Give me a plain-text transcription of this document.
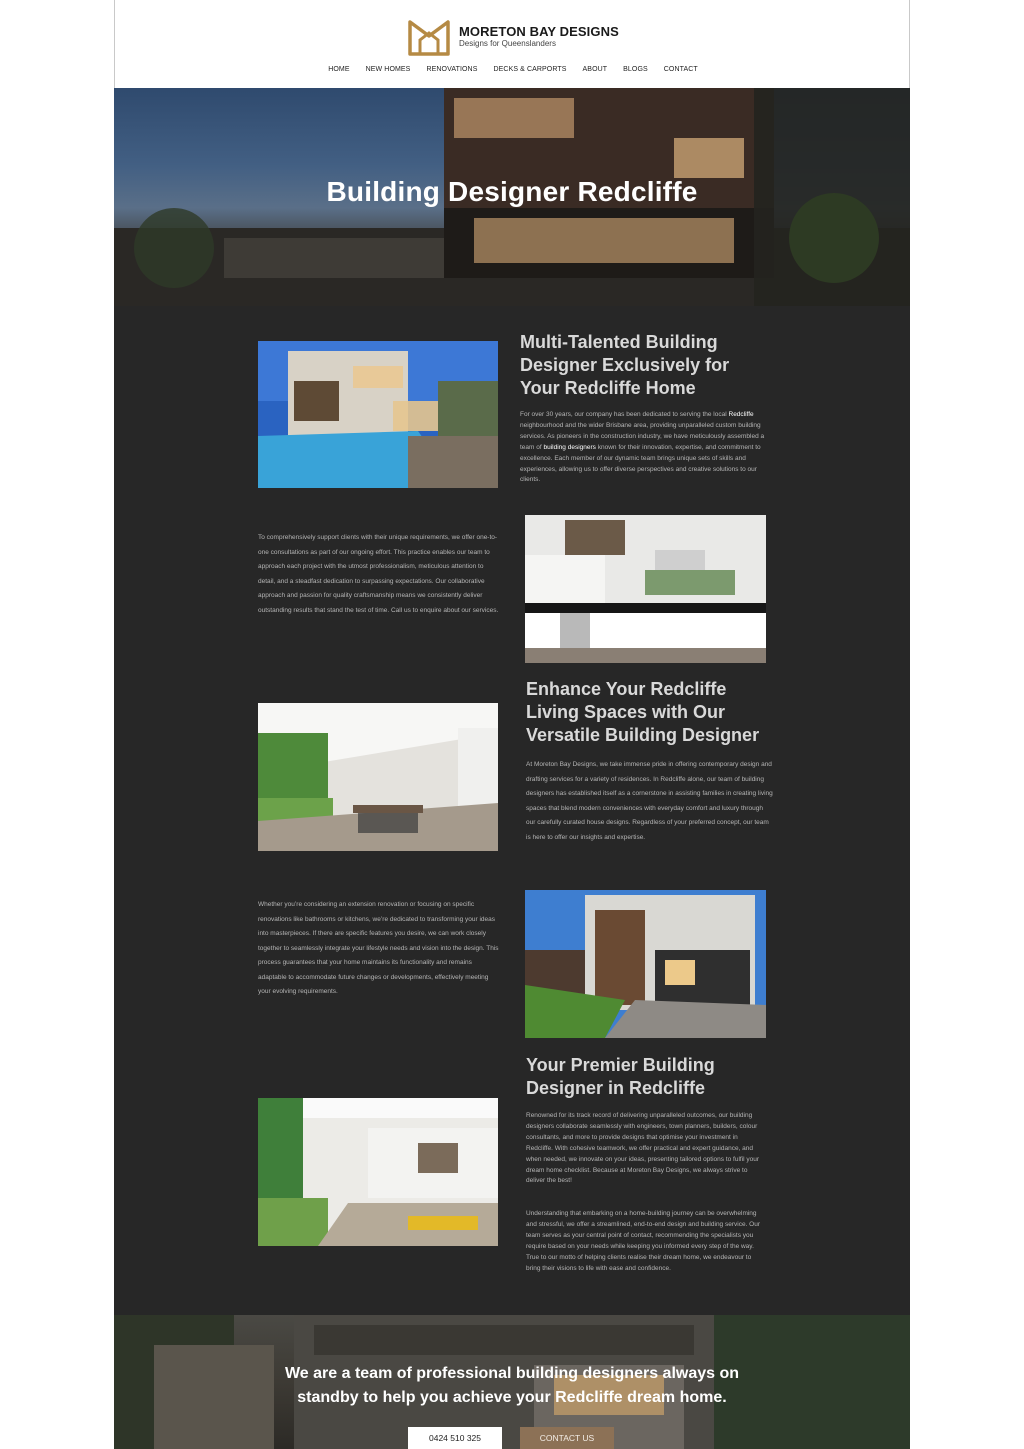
MORETON BAY DESIGNS
Designs for Queenslanders
HOME NEW HOMES RENOVATIONS DECKS & CARPORTS ABOUT BLOGS CONTACT
Building Designer Redcliffe
Multi-Talented Building Designer Exclusively for Your Redcliffe Home

For over 30 years, our company has been dedicated to serving the local Redcliffe neighbourhood and the wider Brisbane area, providing unparalleled custom building services. As pioneers in the construction industry, we have meticulously assembled a team of building designers known for their innovation, expertise, and commitment to excellence. Each member of our dynamic team brings unique sets of skills and experiences, allowing us to offer diverse perspectives and creative solutions to our clients.

To comprehensively support clients with their unique requirements, we offer one-to-one consultations as part of our ongoing effort. This practice enables our team to approach each project with the utmost professionalism, meticulous attention to detail, and a steadfast dedication to surpassing expectations. Our collaborative approach and passion for quality craftsmanship means we consistently deliver outstanding results that stand the test of time. Call us to enquire about our services.

Enhance Your Redcliffe Living Spaces with Our Versatile Building Designer

At Moreton Bay Designs, we take immense pride in offering contemporary design and drafting services for a variety of residences. In Redcliffe alone, our team of building designers has established itself as a cornerstone in assisting families in creating living spaces that blend modern conveniences with everyday comfort and luxury through our carefully curated house designs. Regardless of your preferred concept, our team is here to offer our insights and expertise.

Whether you’re considering an extension renovation or focusing on specific renovations like bathrooms or kitchens, we’re dedicated to transforming your ideas into masterpieces. If there are specific features you desire, we can work closely together to seamlessly integrate your lifestyle needs and vision into the design. This process guarantees that your home maintains its functionality and remains adaptable to accommodate future changes or developments, effectively meeting your evolving requirements.

Your Premier Building Designer in Redcliffe

Renowned for its track record of delivering unparalleled outcomes, our building designers collaborate seamlessly with engineers, town planners, builders, colour consultants, and more to provide designs that optimise your investment in Redcliffe. With cohesive teamwork, we offer practical and expert guidance, and when needed, we innovate on your ideas, presenting tailored options to fulfil your dream home checklist. Because at Moreton Bay Designs, we always strive to deliver the best!

Understanding that embarking on a home-building journey can be overwhelming and stressful, we offer a streamlined, end-to-end design and building service. Our team serves as your central point of contact, recommending the specialists you require based on your needs while keeping you informed every step of the way. True to our motto of helping clients realise their dream home, we endeavour to bring their visions to life with ease and confidence.

We are a team of professional building designers always on
standby to help you achieve your Redcliffe dream home.
0424 510 325	CONTACT US
